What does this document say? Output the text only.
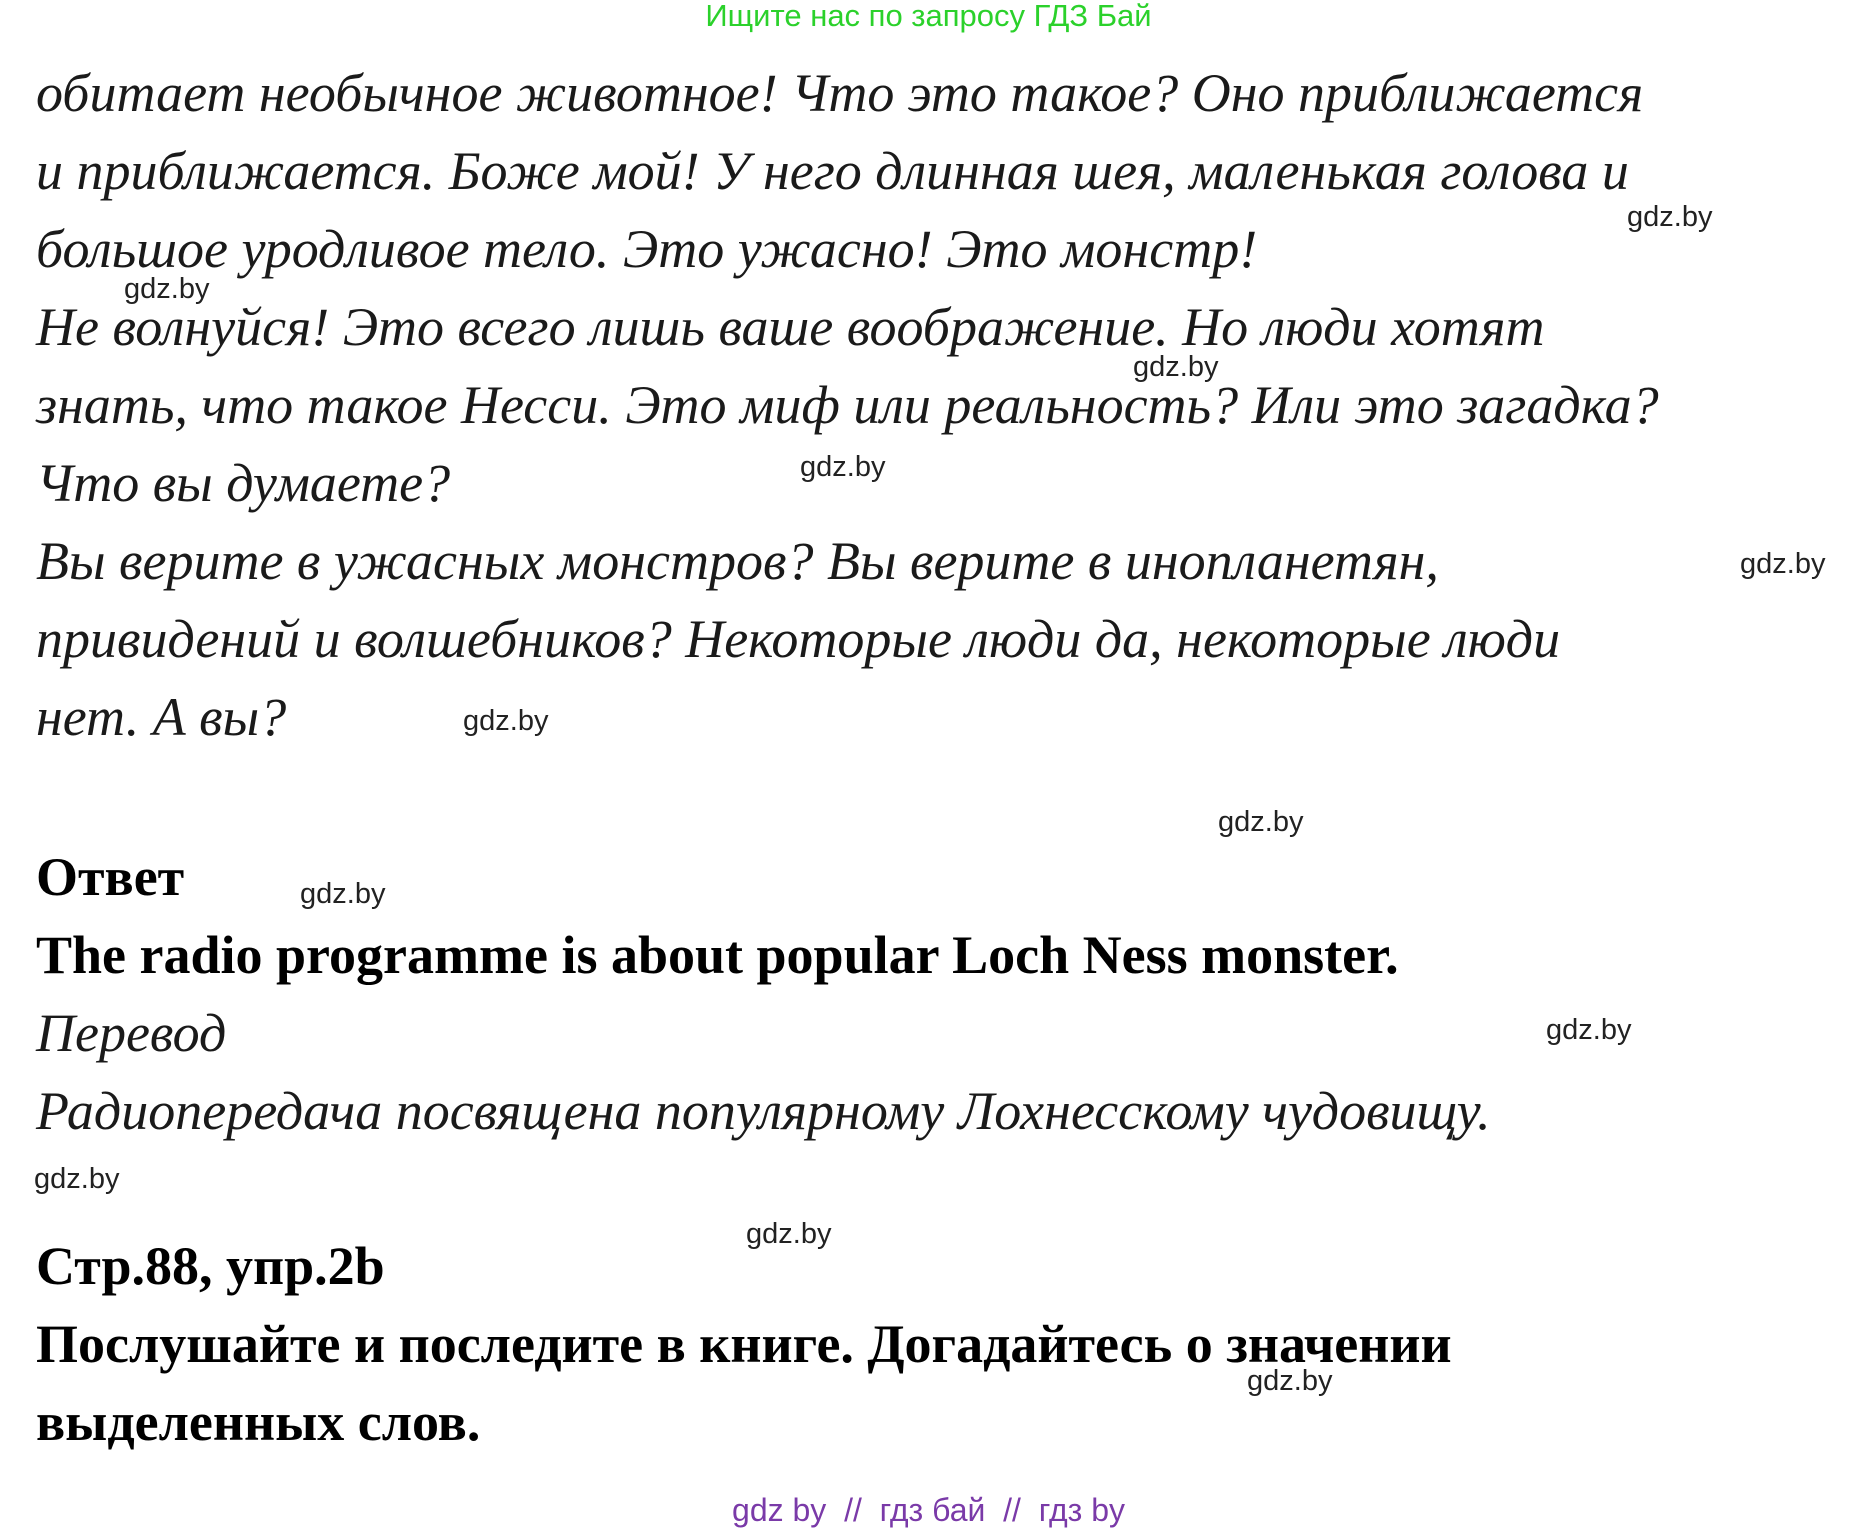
Ищите нас по запросу ГДЗ Бай
обитает необычное животное! Что это такое? Оно приближается
и приближается. Боже мой! У него длинная шея, маленькая голова и
большое уродливое тело. Это ужасно! Это монстр!
Не волнуйся! Это всего лишь ваше воображение. Но люди хотят
знать, что такое Несси. Это миф или реальность? Или это загадка?
Что вы думаете?
Вы верите в ужасных монстров? Вы верите в инопланетян,
привидений и волшебников? Некоторые люди да, некоторые люди
нет. А вы?
Ответ
The radio programme is about popular Loch Ness monster.
Перевод
Радиопередача посвящена популярному Лохнесскому чудовищу.
Стр.88, упр.2b
Послушайте и последите в книге. Догадайтесь о значении
выделенных слов.
gdz.by
gdz.by
gdz.by
gdz.by
gdz.by
gdz.by
gdz.by
gdz.by
gdz.by
gdz.by
gdz.by
gdz.by
gdz by  //  гдз бай  //  гдз by
